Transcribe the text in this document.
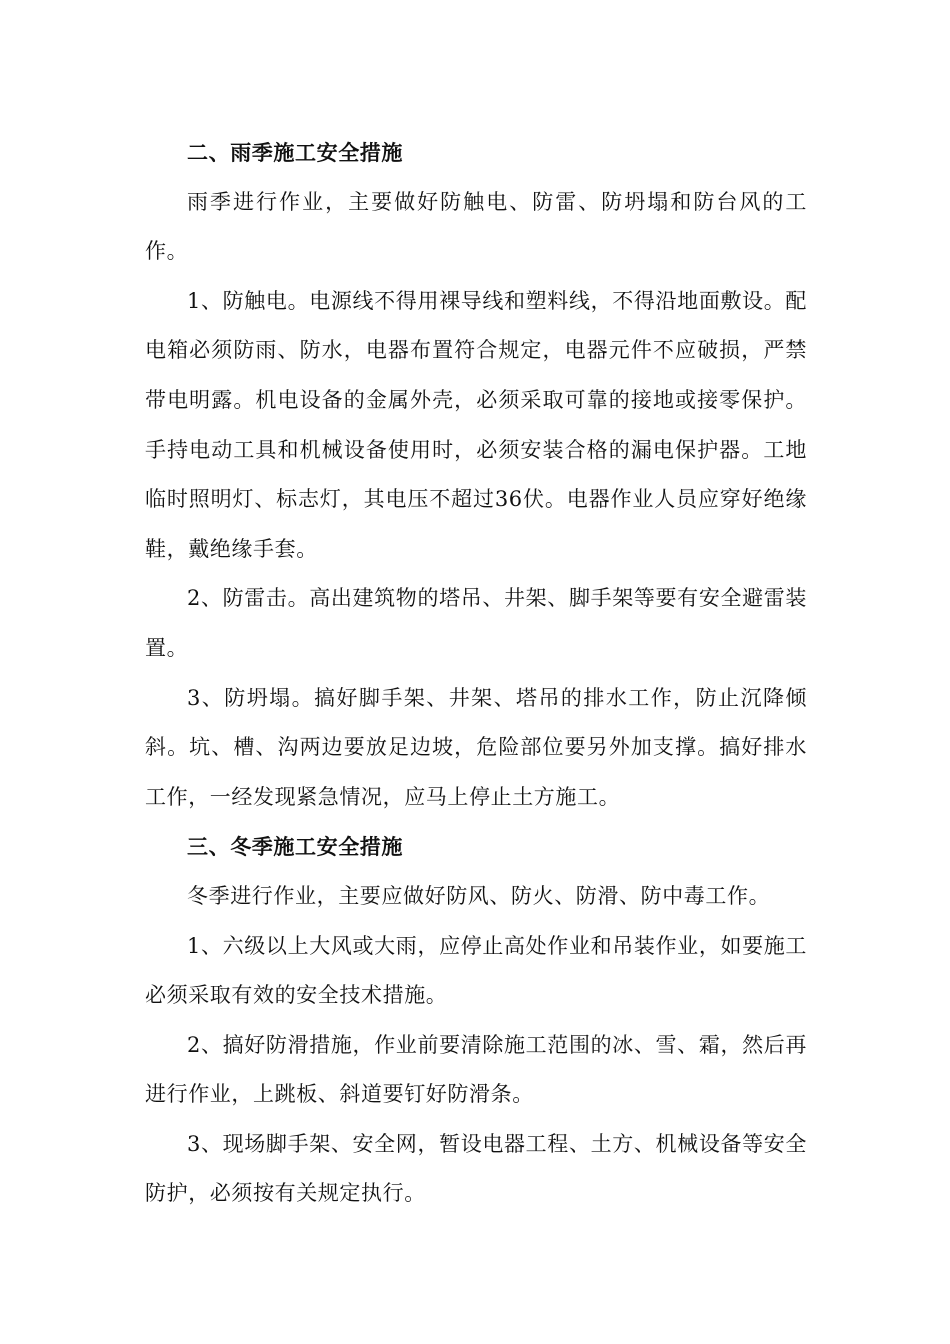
二、雨季施工安全措施

雨季进行作业，主要做好防触电、防雷、防坍塌和防台风的工作。

1、防触电。电源线不得用裸导线和塑料线，不得沿地面敷设。配电箱必须防雨、防水，电器布置符合规定，电器元件不应破损，严禁带电明露。机电设备的金属外壳，必须采取可靠的接地或接零保护。手持电动工具和机械设备使用时，必须安装合格的漏电保护器。工地临时照明灯、标志灯，其电压不超过36伏。电器作业人员应穿好绝缘鞋，戴绝缘手套。

2、防雷击。高出建筑物的塔吊、井架、脚手架等要有安全避雷装置。

3、防坍塌。搞好脚手架、井架、塔吊的排水工作，防止沉降倾斜。坑、槽、沟两边要放足边坡，危险部位要另外加支撑。搞好排水工作，一经发现紧急情况，应马上停止土方施工。

三、冬季施工安全措施

冬季进行作业，主要应做好防风、防火、防滑、防中毒工作。

1、六级以上大风或大雨，应停止高处作业和吊装作业，如要施工必须采取有效的安全技术措施。

2、搞好防滑措施，作业前要清除施工范围的冰、雪、霜，然后再进行作业，上跳板、斜道要钉好防滑条。

3、现场脚手架、安全网，暂设电器工程、土方、机械设备等安全防护，必须按有关规定执行。
